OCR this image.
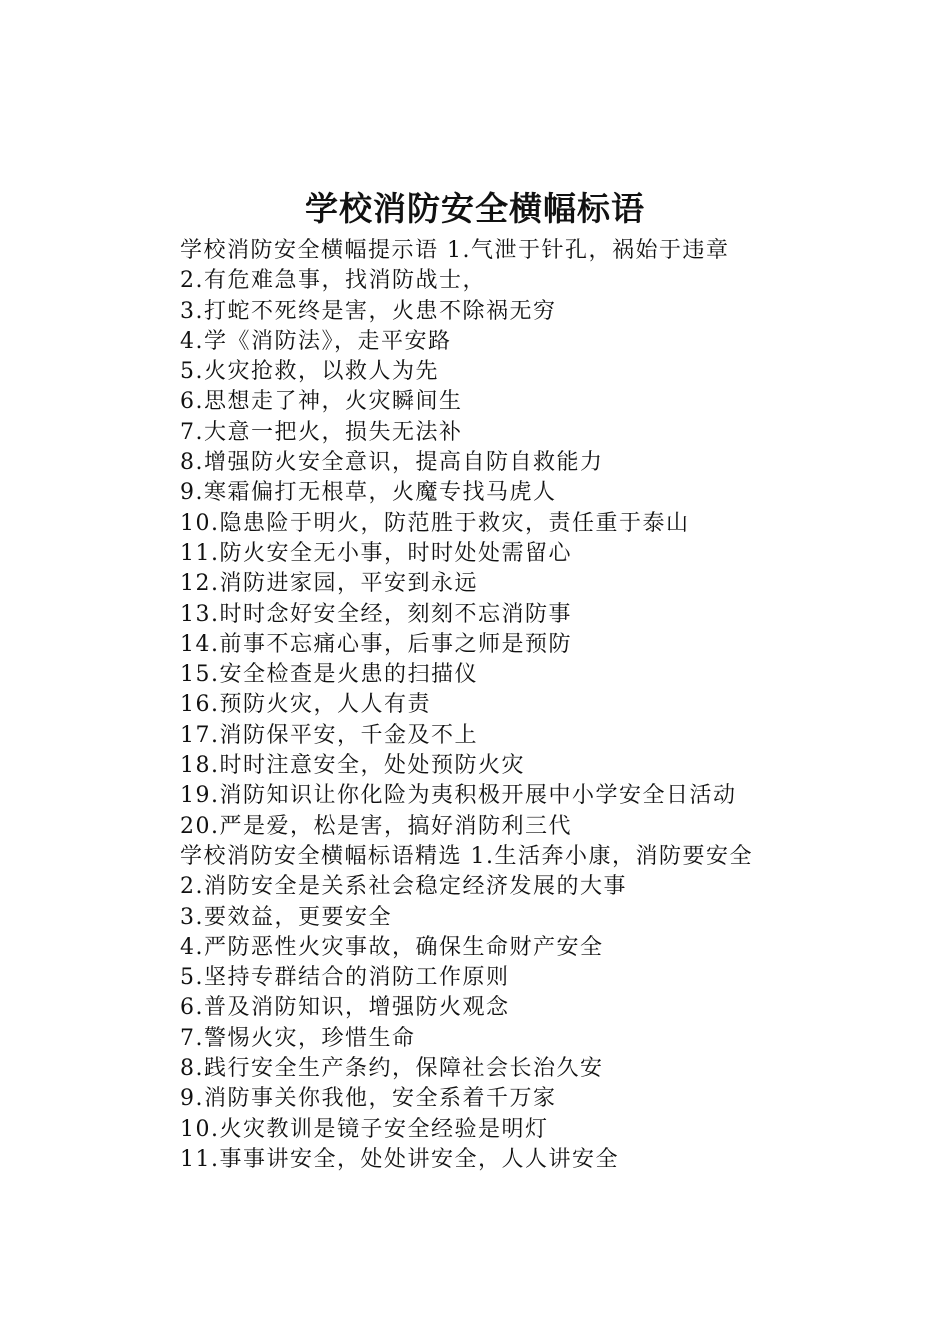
学校消防安全横幅标语
学校消防安全横幅提示语 1.气泄于针孔，祸始于违章
2.有危难急事，找消防战士，
3.打蛇不死终是害，火患不除祸无穷
4.学《消防法》，走平安路
5.火灾抢救，以救人为先
6.思想走了神，火灾瞬间生
7.大意一把火，损失无法补
8.增强防火安全意识，提高自防自救能力
9.寒霜偏打无根草，火魔专找马虎人
10.隐患险于明火，防范胜于救灾，责任重于泰山
11.防火安全无小事，时时处处需留心
12.消防进家园，平安到永远
13.时时念好安全经，刻刻不忘消防事
14.前事不忘痛心事，后事之师是预防
15.安全检查是火患的扫描仪
16.预防火灾，人人有责
17.消防保平安，千金及不上
18.时时注意安全，处处预防火灾
19.消防知识让你化险为夷积极开展中小学安全日活动
20.严是爱，松是害，搞好消防利三代
学校消防安全横幅标语精选 1.生活奔小康，消防要安全
2.消防安全是关系社会稳定经济发展的大事
3.要效益，更要安全
4.严防恶性火灾事故，确保生命财产安全
5.坚持专群结合的消防工作原则
6.普及消防知识，增强防火观念
7.警惕火灾，珍惜生命
8.践行安全生产条约，保障社会长治久安
9.消防事关你我他，安全系着千万家
10.火灾教训是镜子安全经验是明灯
11.事事讲安全，处处讲安全，人人讲安全
